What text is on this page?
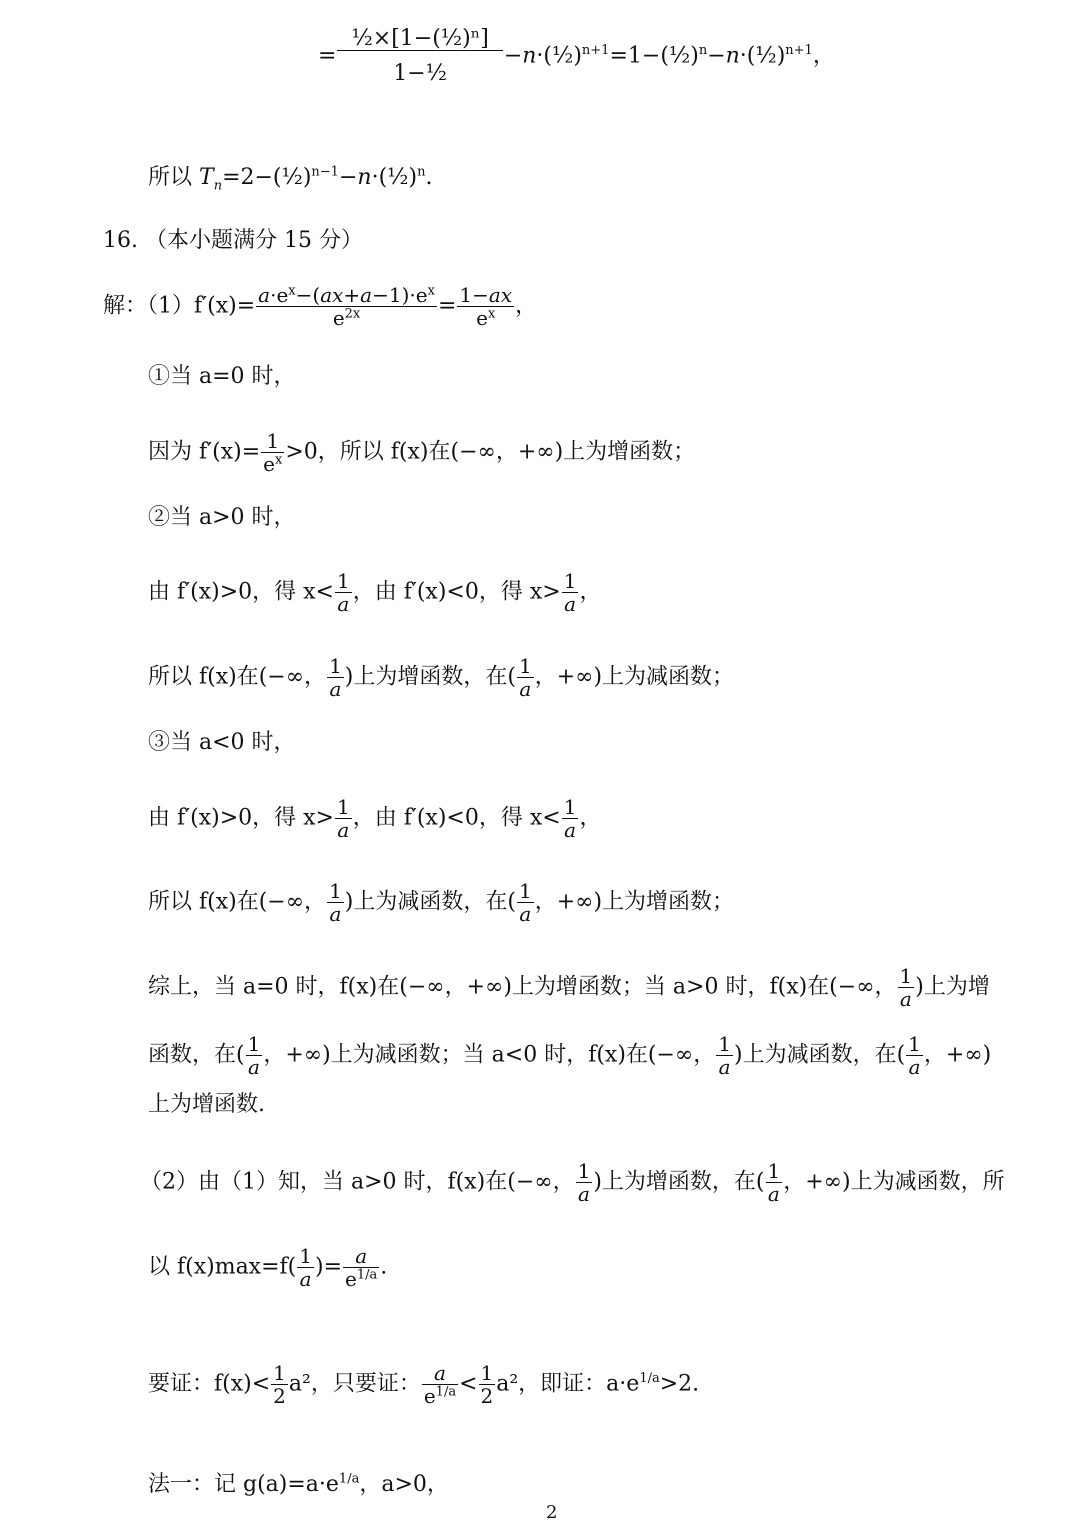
= $\frac{\text{½×[1−(½)ⁿ]}}{\text{1−½}}$ −n·(½)$^{n+1}$=1−(½)$^n$−n·(½)$^{n+1}$，
所以 $T_n=2-(\frac{1}{2})^{n-1}-n\cdot(\frac{1}{2})^n$.
16. （本小题满分 15 分）
解：$(1)f'(x)= \frac{a\cdot e^x-(ax+a-1)\cdot e^x}{e^{2x}} = \frac{1-ax}{e^x}$ ，
①当 a=0 时，
因为 $f'(x)= \frac{1}{e^x} >0$，所以 f(x)在(−∞，+∞)上为增函数；
②当 a>0 时，
由 f′(x)>0，得 $x< \frac{1}{a}$ ，由 f′(x)<0，得 $x> \frac{1}{a}$ ，
所以 f(x)在(−∞， $\frac{1}{a}$ )上为增函数，在( $\frac{1}{a}$ ，+∞)上为减函数；
③当 a<0 时，
由 f′(x)>0，得 $x> \frac{1}{a}$ ，由 f′(x)<0，得 $x< \frac{1}{a}$ ，
所以 f(x)在(−∞， $\frac{1}{a}$ )上为减函数，在( $\frac{1}{a}$ ，+∞)上为增函数；
综上，当 a=0 时，f(x)在(−∞，+∞)上为增函数；当 a>0 时，f(x)在(−∞， $\frac{1}{a}$ )上为增
函数，在( $\frac{1}{a}$ ，+∞)上为减函数；当 a<0 时，f(x)在(−∞， $\frac{1}{a}$ )上为减函数，在( $\frac{1}{a}$ ，+∞)
上为增函数.
（2）由（1）知，当 a>0 时，f(x)在(−∞， $\frac{1}{a}$ )上为增函数，在( $\frac{1}{a}$ ，+∞)上为减函数，所
以 $f(x)\max=f( \frac{1}{a}$ )= $\frac{a}{e^{1/a}}$ .
要证：$f(x)< \frac{1}{2} a^2$，只要证： $\frac{a}{e^{1/a}} < \frac{1}{2} a^2$，即证：$a\cdot e^{1/a}>2$.
法一：记 $g(a)=a\cdot e^{1/a}$，a>0，
2
